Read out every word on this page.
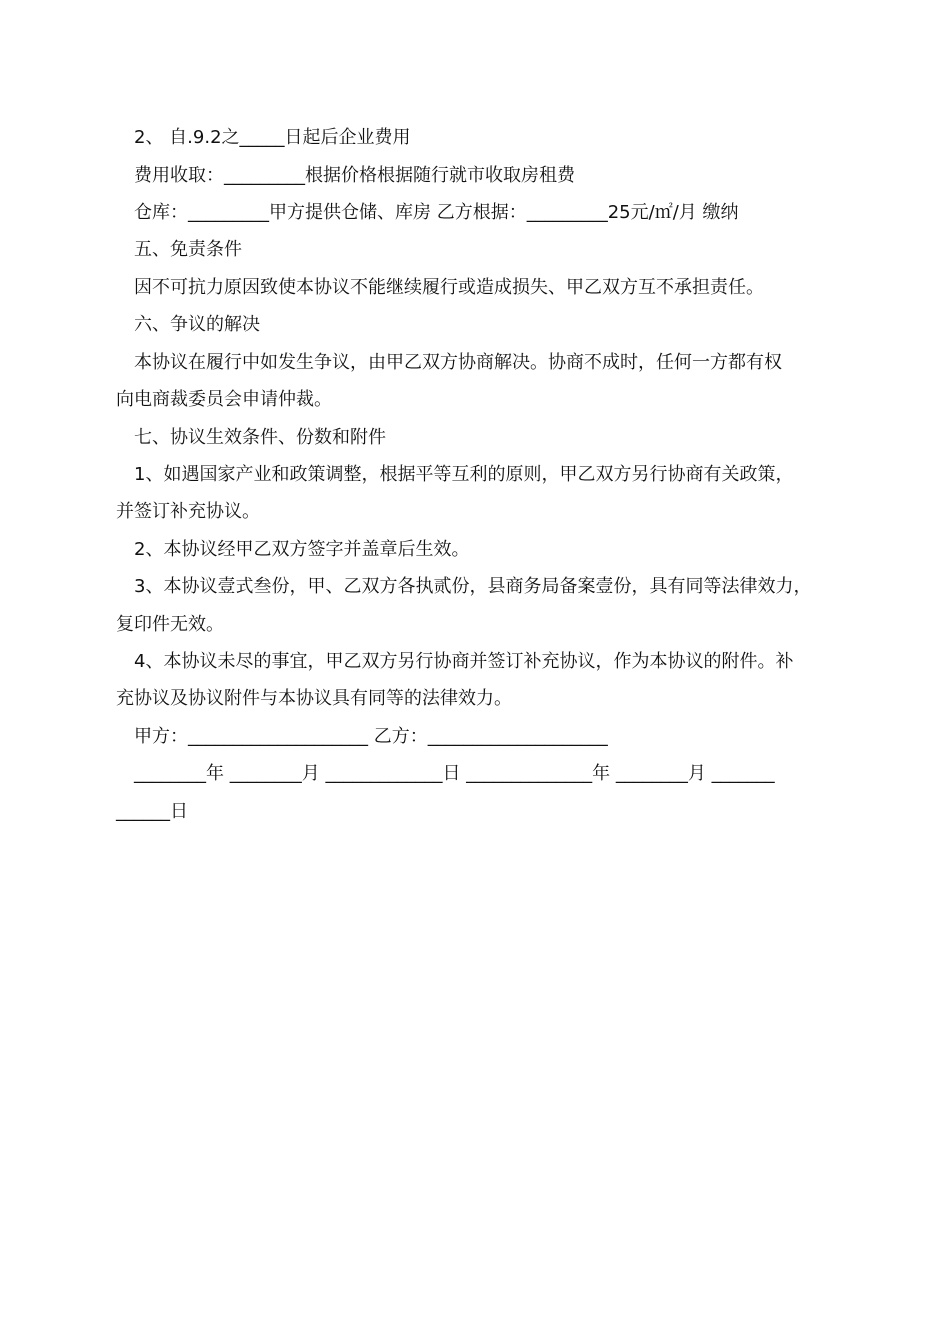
2、 自.9.2之_____日起后企业费用
费用收取：_________根据价格根据随行就市收取房租费
仓库：_________甲方提供仓储、库房 乙方根据：_________25元/㎡/月 缴纳
五、免责条件
因不可抗力原因致使本协议不能继续履行或造成损失、甲乙双方互不承担责任。
六、争议的解决
本协议在履行中如发生争议，由甲乙双方协商解决。协商不成时，任何一方都有权
向电商裁委员会申请仲裁。
七、协议生效条件、份数和附件
1、如遇国家产业和政策调整，根据平等互利的原则，甲乙双方另行协商有关政策，
并签订补充协议。
2、本协议经甲乙双方签字并盖章后生效。
3、本协议壹式叁份，甲、乙双方各执贰份，县商务局备案壹份，具有同等法律效力，
复印件无效。
4、本协议未尽的事宜，甲乙双方另行协商并签订补充协议，作为本协议的附件。补
充协议及协议附件与本协议具有同等的法律效力。
甲方：____________________ 乙方：____________________
________年 ________月 _____________日 ______________年 ________月 _______
______日
